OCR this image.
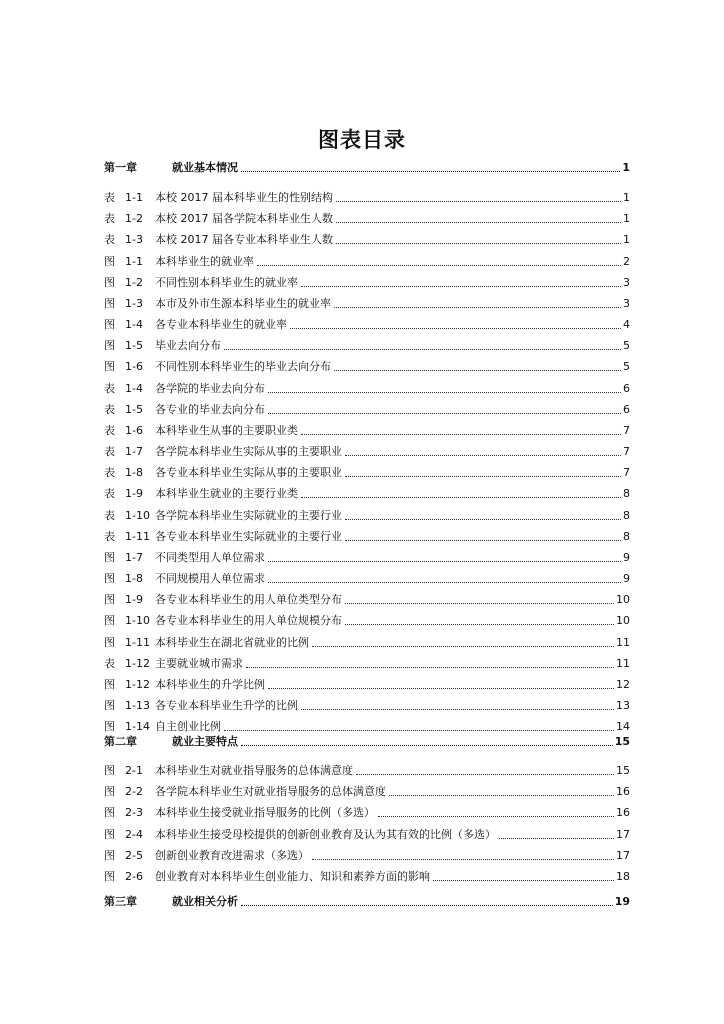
图表目录
第一章	就业基本情况	1
表 1-1 本校 2017 届本科毕业生的性别结构	1
表 1-2 本校 2017 届各学院本科毕业生人数	1
表 1-3 本校 2017 届各专业本科毕业生人数	1
图 1-1 本科毕业生的就业率	2
图 1-2 不同性别本科毕业生的就业率	3
图 1-3 本市及外市生源本科毕业生的就业率	3
图 1-4 各专业本科毕业生的就业率	4
图 1-5 毕业去向分布	5
图 1-6 不同性别本科毕业生的毕业去向分布	5
表 1-4 各学院的毕业去向分布	6
表 1-5 各专业的毕业去向分布	6
表 1-6 本科毕业生从事的主要职业类	7
表 1-7 各学院本科毕业生实际从事的主要职业	7
表 1-8 各专业本科毕业生实际从事的主要职业	7
表 1-9 本科毕业生就业的主要行业类	8
表 1-10 各学院本科毕业生实际就业的主要行业	8
表 1-11 各专业本科毕业生实际就业的主要行业	8
图 1-7 不同类型用人单位需求	9
图 1-8 不同规模用人单位需求	9
图 1-9 各专业本科毕业生的用人单位类型分布	10
图 1-10 各专业本科毕业生的用人单位规模分布	10
图 1-11 本科毕业生在湖北省就业的比例	11
表 1-12 主要就业城市需求	11
图 1-12 本科毕业生的升学比例	12
图 1-13 各专业本科毕业生升学的比例	13
图 1-14 自主创业比例	14
第二章	就业主要特点	15
图 2-1 本科毕业生对就业指导服务的总体满意度	15
图 2-2 各学院本科毕业生对就业指导服务的总体满意度	16
图 2-3 本科毕业生接受就业指导服务的比例（多选）	16
图 2-4 本科毕业生接受母校提供的创新创业教育及认为其有效的比例（多选）	17
图 2-5 创新创业教育改进需求（多选）	17
图 2-6 创业教育对本科毕业生创业能力、知识和素养方面的影响	18
第三章	就业相关分析	19
